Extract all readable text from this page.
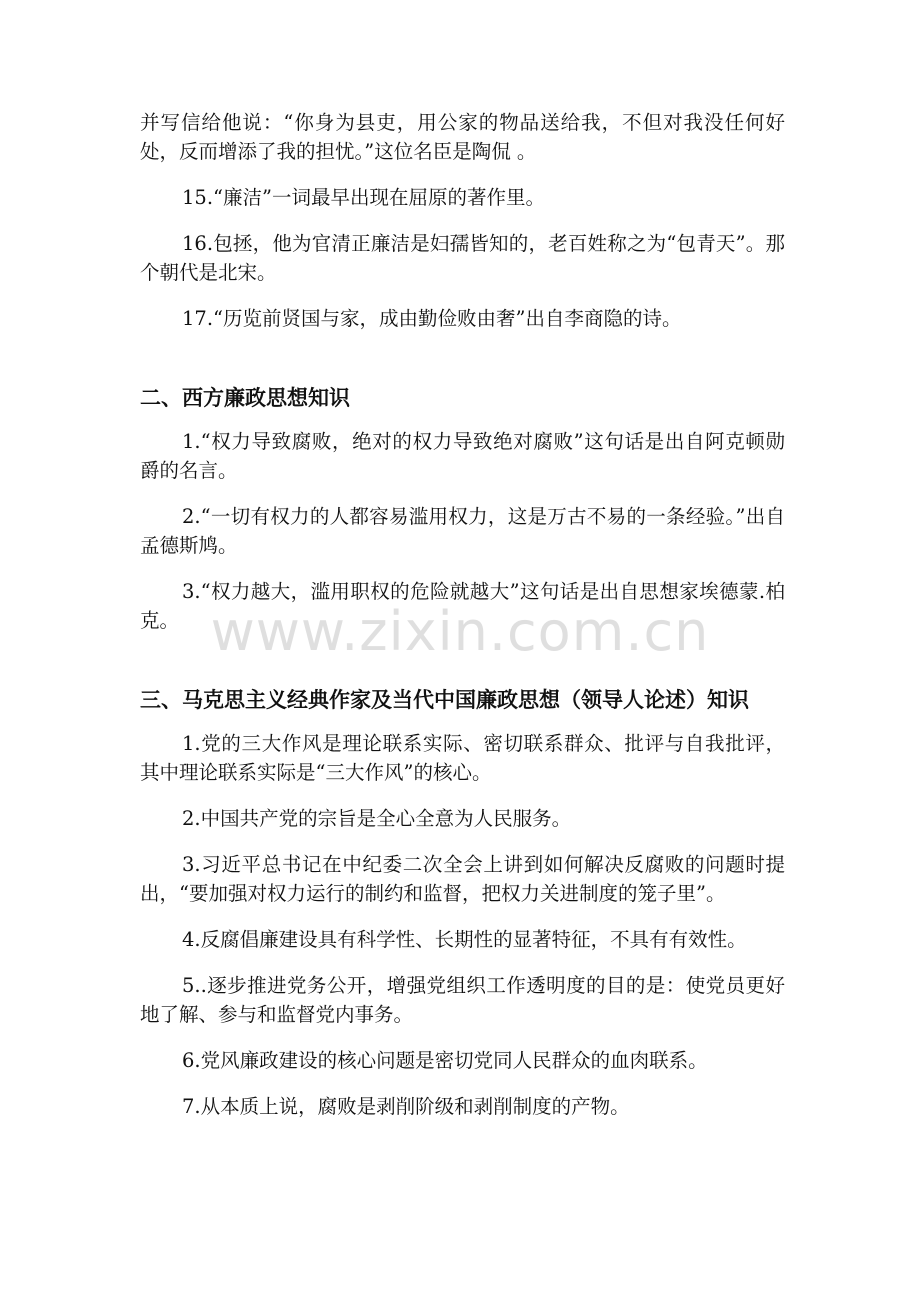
并写信给他说：“你身为县吏，用公家的物品送给我，不但对我没任何好处，反而增添了我的担忧。”这位名臣是陶侃 。

15.“廉洁”一词最早出现在屈原的著作里。

16.包拯，他为官清正廉洁是妇孺皆知的，老百姓称之为“包青天”。那个朝代是北宋。

17.“历览前贤国与家，成由勤俭败由奢”出自李商隐的诗。

二、西方廉政思想知识

1.“权力导致腐败，绝对的权力导致绝对腐败”这句话是出自阿克顿勋爵的名言。

2.“一切有权力的人都容易滥用权力，这是万古不易的一条经验。”出自孟德斯鸠。

3.“权力越大，滥用职权的危险就越大”这句话是出自思想家埃德蒙.柏克。

三、马克思主义经典作家及当代中国廉政思想（领导人论述）知识

1.党的三大作风是理论联系实际、密切联系群众、批评与自我批评，其中理论联系实际是“三大作风”的核心。

2.中国共产党的宗旨是全心全意为人民服务。

3.习近平总书记在中纪委二次全会上讲到如何解决反腐败的问题时提出，“要加强对权力运行的制约和监督，把权力关进制度的笼子里”。

4.反腐倡廉建设具有科学性、长期性的显著特征，不具有有效性。

5..逐步推进党务公开，增强党组织工作透明度的目的是：使党员更好地了解、参与和监督党内事务。

6.党风廉政建设的核心问题是密切党同人民群众的血肉联系。

7.从本质上说，腐败是剥削阶级和剥削制度的产物。

www.zixin.com.cn
